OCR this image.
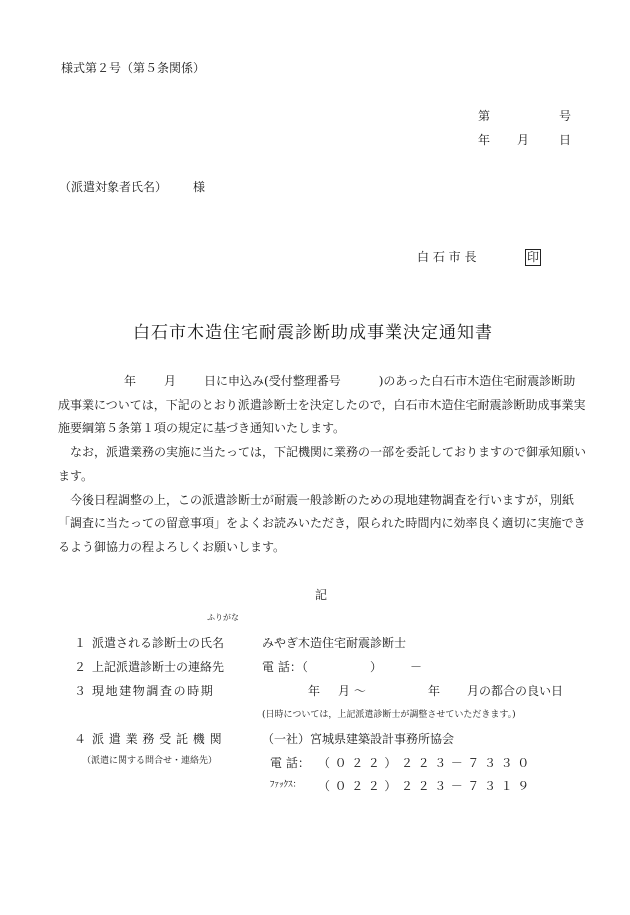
様式第２号（第５条関係）
第	号
年 月 日
（派遣対象者氏名） 様
白 石 市 長	印
白石市木造住宅耐震診断助成事業決定通知書

年 月 日に申込み(受付整理番号	)のあった白石市木造住宅耐震診断助成事業については，下記のとおり派遣診断士を決定したので，白石市木造住宅耐震診断助成事業実施要綱第５条第１項の規定に基づき通知いたします。

なお，派遣業務の実施に当たっては，下記機関に業務の一部を委託しておりますので御承知願います。

今後日程調整の上，この派遣診断士が耐震一般診断のための現地建物調査を行いますが，別紙「調査に当たっての留意事項」をよくお読みいただき，限られた時間内に効率良く適切に実施できるよう御協力の程よろしくお願いします。

記
ふりがな
１ 派遣される診断士の氏名	みやぎ木造住宅耐震診断士
２ 上記派遣診断士の連絡先	電 話：（	） －
３ 現地建物調査の時期	年 月 ～	年 月の都合の良い日
(日時については，上記派遣診断士が調整させていただきます。)
４ 派遣業務受託機関	（一社）宮城県建築設計事務所協会
（派遣に関する問合せ・連絡先）	電 話： （０２２）２２３－７３３０
ﾌｧｯｸｽ： （０２２）２２３－７３１９
